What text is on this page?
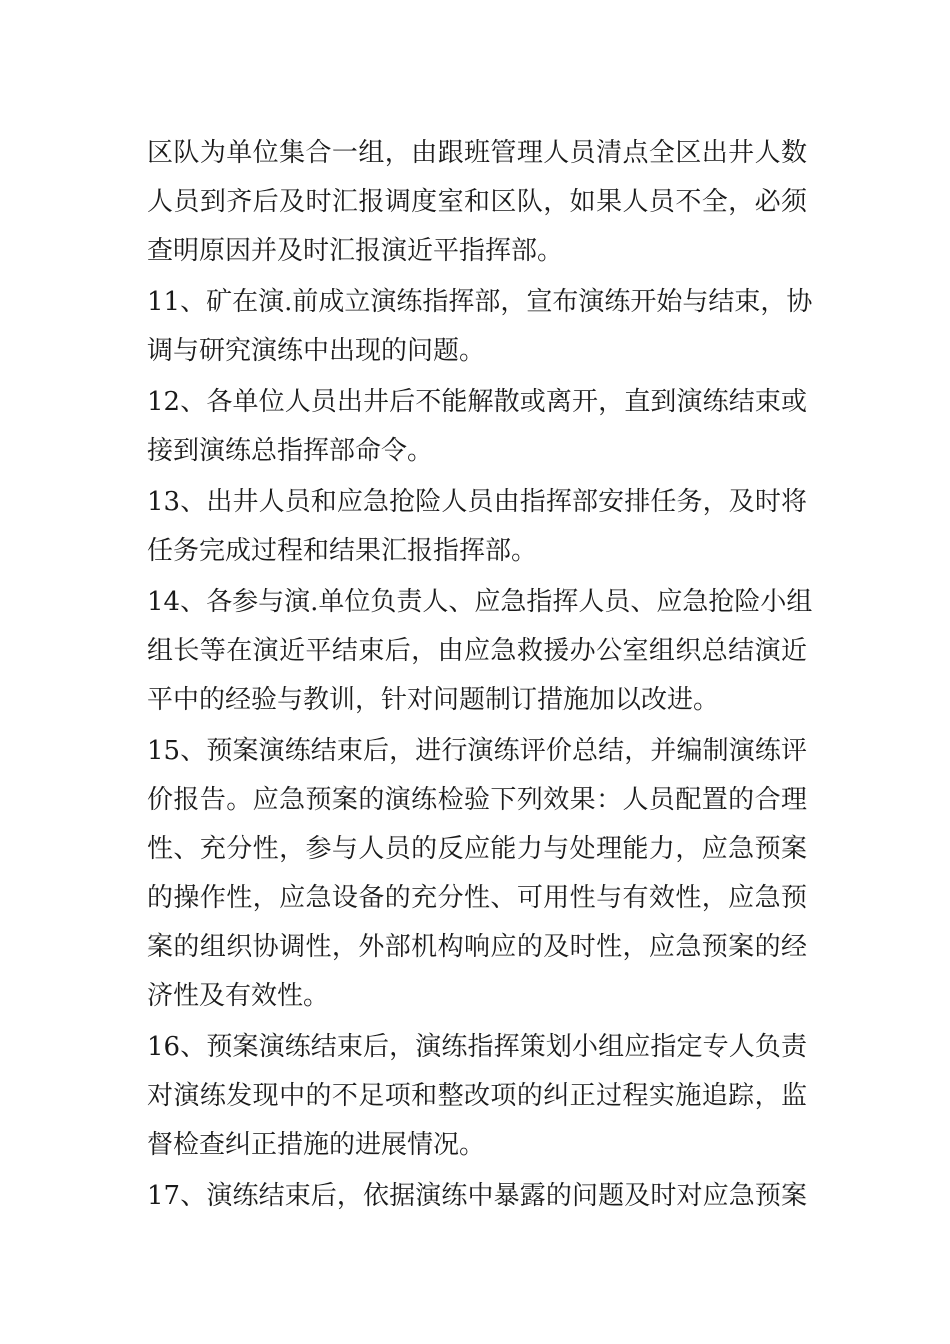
区队为单位集合一组，由跟班管理人员清点全区出井人数
人员到齐后及时汇报调度室和区队，如果人员不全，必须
查明原因并及时汇报演近平指挥部。
11、矿在演.前成立演练指挥部，宣布演练开始与结束，协
调与研究演练中出现的问题。
12、各单位人员出井后不能解散或离开，直到演练结束或
接到演练总指挥部命令。
13、出井人员和应急抢险人员由指挥部安排任务，及时将
任务完成过程和结果汇报指挥部。
14、各参与演.单位负责人、应急指挥人员、应急抢险小组
组长等在演近平结束后，由应急救援办公室组织总结演近
平中的经验与教训，针对问题制订措施加以改进。
15、预案演练结束后，进行演练评价总结，并编制演练评
价报告。应急预案的演练检验下列效果：人员配置的合理
性、充分性，参与人员的反应能力与处理能力，应急预案
的操作性，应急设备的充分性、可用性与有效性，应急预
案的组织协调性，外部机构响应的及时性，应急预案的经
济性及有效性。
16、预案演练结束后，演练指挥策划小组应指定专人负责
对演练发现中的不足项和整改项的纠正过程实施追踪，监
督检查纠正措施的进展情况。
17、演练结束后，依据演练中暴露的问题及时对应急预案
